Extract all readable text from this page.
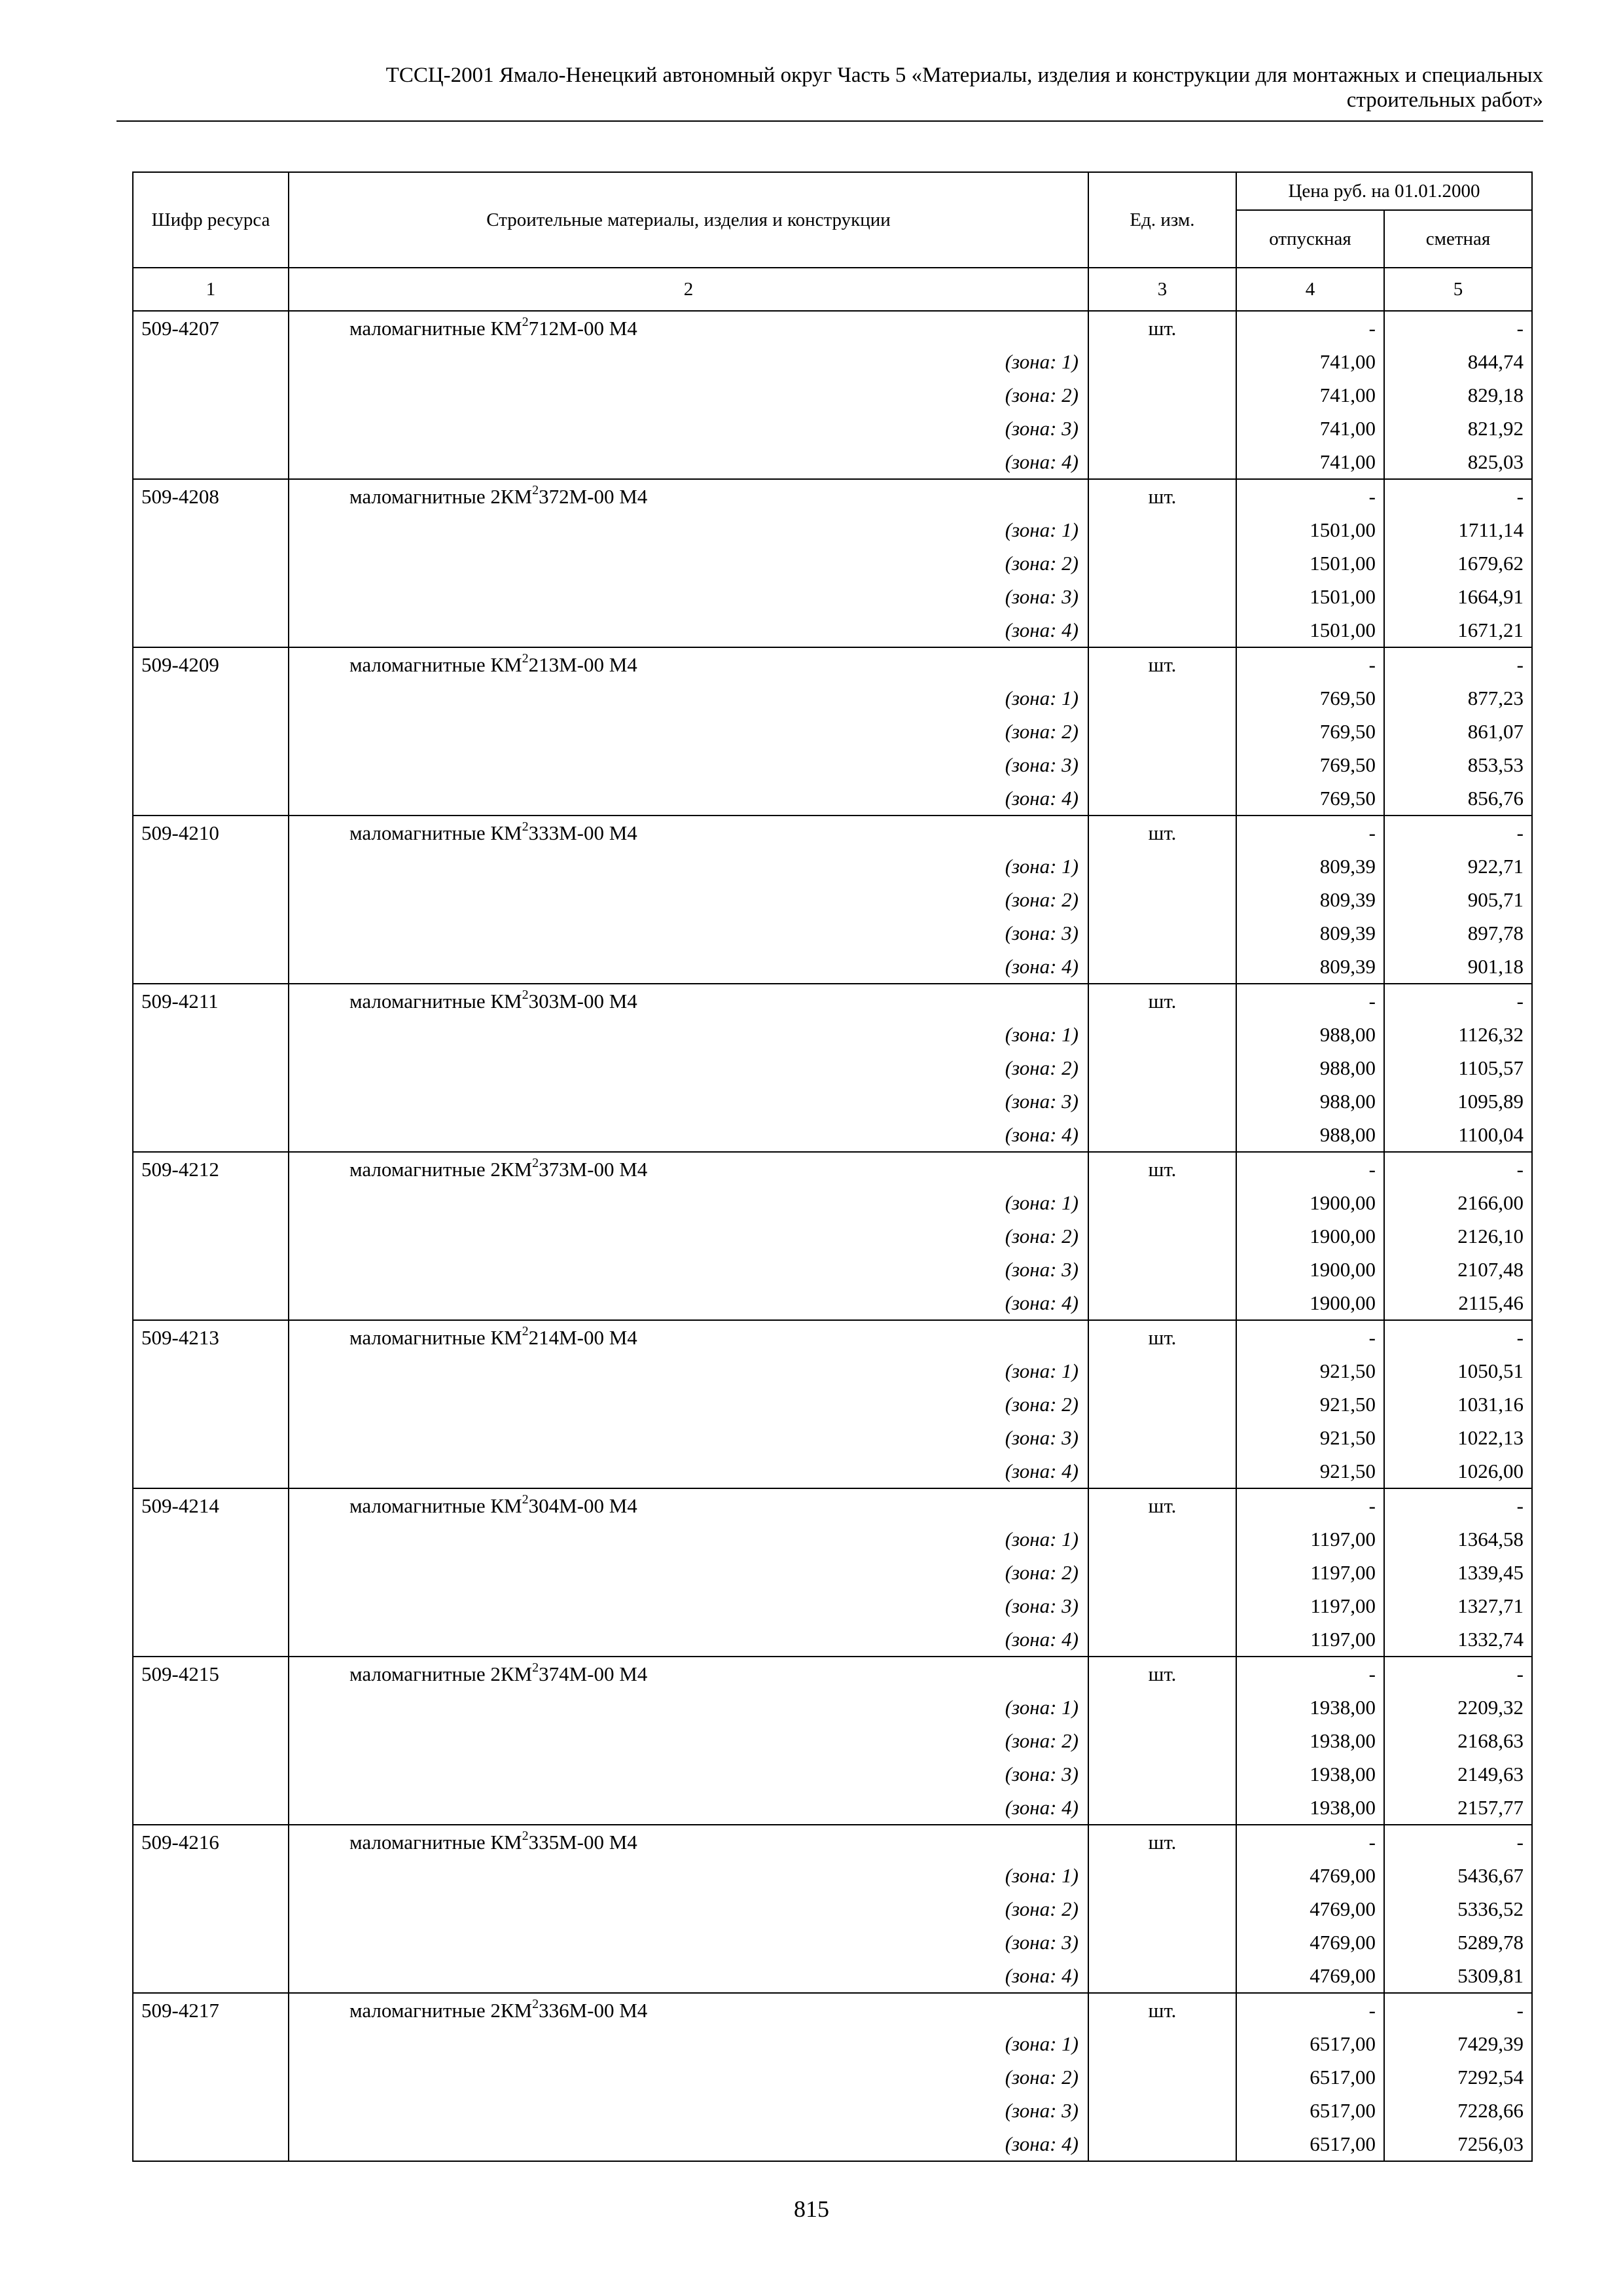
ТССЦ-2001 Ямало-Ненецкий автономный округ Часть 5 «Материалы, изделия и конструкции для монтажных и специальных
строительных работ»
Шифр ресурса	Строительные материалы, изделия и конструкции	Ед. изм.	Цена руб. на 01.01.2000	
			отпускная	сметная
1	2	3	4	5
509-4207	маломагнитные $КМ^2712М-00$ М4	шт.	-	-
	(зона: 1)		741,00	844,74
	(зона: 2)		741,00	829,18
	(зона: 3)		741,00	821,92
	(зона: 4)		741,00	825,03
509-4208	маломагнитные $2КМ^2372М-00$ М4	шт.	-	-
	(зона: 1)		1501,00	1711,14
	(зона: 2)		1501,00	1679,62
	(зона: 3)		1501,00	1664,91
	(зона: 4)		1501,00	1671,21
509-4209	маломагнитные $КМ^2213М-00$ М4	шт.	-	-
	(зона: 1)		769,50	877,23
	(зона: 2)		769,50	861,07
	(зона: 3)		769,50	853,53
	(зона: 4)		769,50	856,76
509-4210	маломагнитные $КМ^2333М-00$ М4	шт.	-	-
	(зона: 1)		809,39	922,71
	(зона: 2)		809,39	905,71
	(зона: 3)		809,39	897,78
	(зона: 4)		809,39	901,18
509-4211	маломагнитные $КМ^2303М-00$ М4	шт.	-	-
	(зона: 1)		988,00	1126,32
	(зона: 2)		988,00	1105,57
	(зона: 3)		988,00	1095,89
	(зона: 4)		988,00	1100,04
509-4212	маломагнитные $2КМ^2373М-00$ М4	шт.	-	-
	(зона: 1)		1900,00	2166,00
	(зона: 2)		1900,00	2126,10
	(зона: 3)		1900,00	2107,48
	(зона: 4)		1900,00	2115,46
509-4213	маломагнитные $КМ^2214М-00$ М4	шт.	-	-
	(зона: 1)		921,50	1050,51
	(зона: 2)		921,50	1031,16
	(зона: 3)		921,50	1022,13
	(зона: 4)		921,50	1026,00
509-4214	маломагнитные $КМ^2304М-00$ М4	шт.	-	-
	(зона: 1)		1197,00	1364,58
	(зона: 2)		1197,00	1339,45
	(зона: 3)		1197,00	1327,71
	(зона: 4)		1197,00	1332,74
509-4215	маломагнитные $2КМ^2374М-00$ М4	шт.	-	-
	(зона: 1)		1938,00	2209,32
	(зона: 2)		1938,00	2168,63
	(зона: 3)		1938,00	2149,63
	(зона: 4)		1938,00	2157,77
509-4216	маломагнитные $КМ^2335М-00$ М4	шт.	-	-
	(зона: 1)		4769,00	5436,67
	(зона: 2)		4769,00	5336,52
	(зона: 3)		4769,00	5289,78
	(зона: 4)		4769,00	5309,81
509-4217	маломагнитные $2КМ^2336М-00$ М4	шт.	-	-
	(зона: 1)		6517,00	7429,39
	(зона: 2)		6517,00	7292,54
	(зона: 3)		6517,00	7228,66
	(зона: 4)		6517,00	7256,03
815
